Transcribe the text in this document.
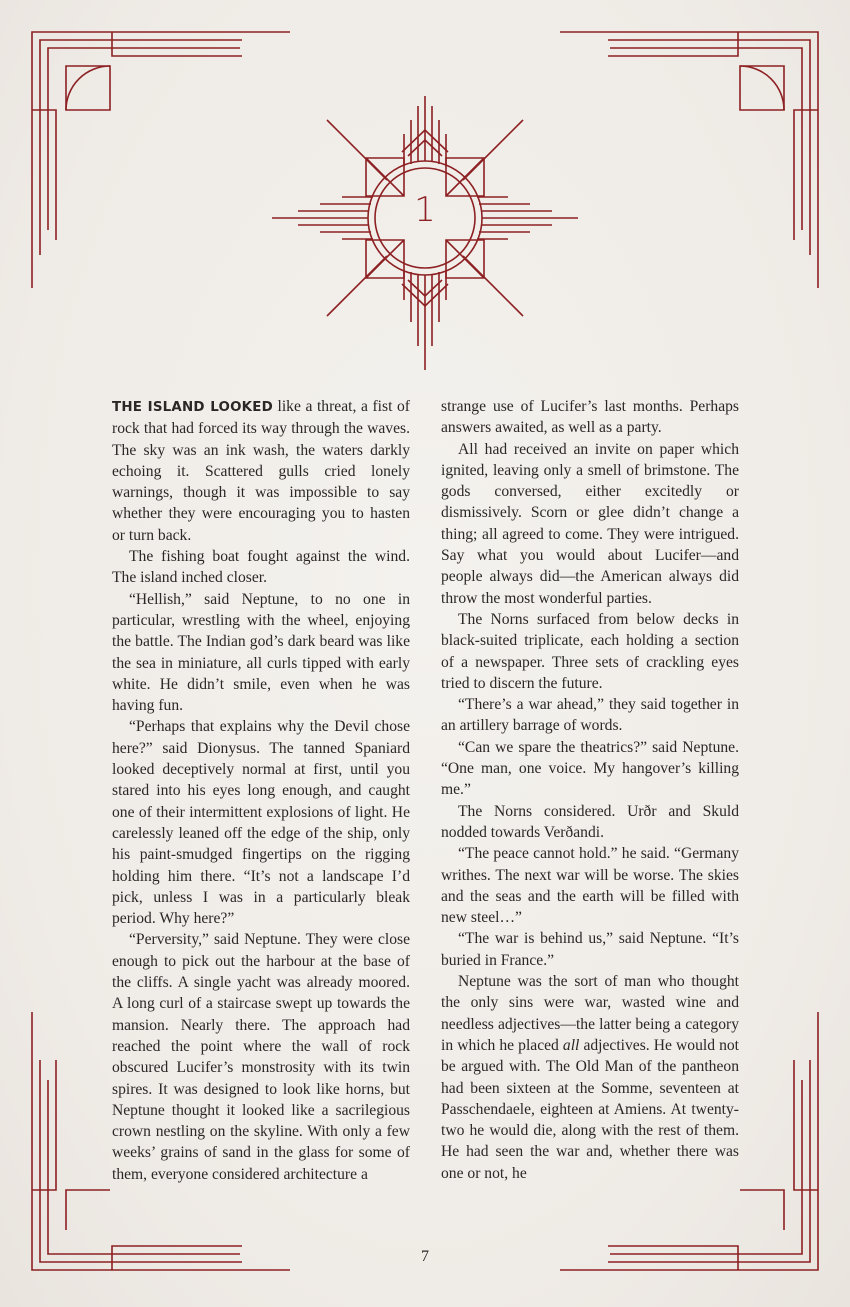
1

THE ISLAND LOOKED like a threat, a fist of rock that had forced its way through the waves. The sky was an ink wash, the waters darkly echoing it. Scattered gulls cried lonely warnings, though it was impossible to say whether they were encouraging you to hasten or turn back.

The fishing boat fought against the wind. The island inched closer.

“Hellish,” said Neptune, to no one in particular, wrestling with the wheel, enjoying the battle. The Indian god’s dark beard was like the sea in miniature, all curls tipped with early white. He didn’t smile, even when he was having fun.

“Perhaps that explains why the Devil chose here?” said Dionysus. The tanned Spaniard looked deceptively normal at first, until you stared into his eyes long enough, and caught one of their intermittent explosions of light. He carelessly leaned off the edge of the ship, only his paint-smudged fingertips on the rigging holding him there. “It’s not a landscape I’d pick, unless I was in a particularly bleak period. Why here?”

“Perversity,” said Neptune. They were close enough to pick out the harbour at the base of the cliffs. A single yacht was already moored. A long curl of a staircase swept up towards the mansion. Nearly there. The approach had reached the point where the wall of rock obscured Lucifer’s monstrosity with its twin spires. It was designed to look like horns, but Neptune thought it looked like a sacrilegious crown nestling on the skyline. With only a few weeks’ grains of sand in the glass for some of them, everyone considered architecture a

strange use of Lucifer’s last months. Perhaps answers awaited, as well as a party.

All had received an invite on paper which ignited, leaving only a smell of brimstone. The gods conversed, either excitedly or dismissively. Scorn or glee didn’t change a thing; all agreed to come. They were intrigued. Say what you would about Lucifer—and people always did—the American always did throw the most wonderful parties.

The Norns surfaced from below decks in black-suited triplicate, each holding a section of a newspaper. Three sets of crackling eyes tried to discern the future.

“There’s a war ahead,” they said together in an artillery barrage of words.

“Can we spare the theatrics?” said Neptune. “One man, one voice. My hangover’s killing me.”

The Norns considered. Urðr and Skuld nodded towards Verðandi.

“The peace cannot hold.” he said. “Germany writhes. The next war will be worse. The skies and the seas and the earth will be filled with new steel…”

“The war is behind us,” said Neptune. “It’s buried in France.”

Neptune was the sort of man who thought the only sins were war, wasted wine and needless adjectives—the latter being a category in which he placed all adjectives. He would not be argued with. The Old Man of the pantheon had been sixteen at the Somme, seventeen at Passchendaele, eighteen at Amiens. At twenty-two he would die, along with the rest of them. He had seen the war and, whether there was one or not, he

7
